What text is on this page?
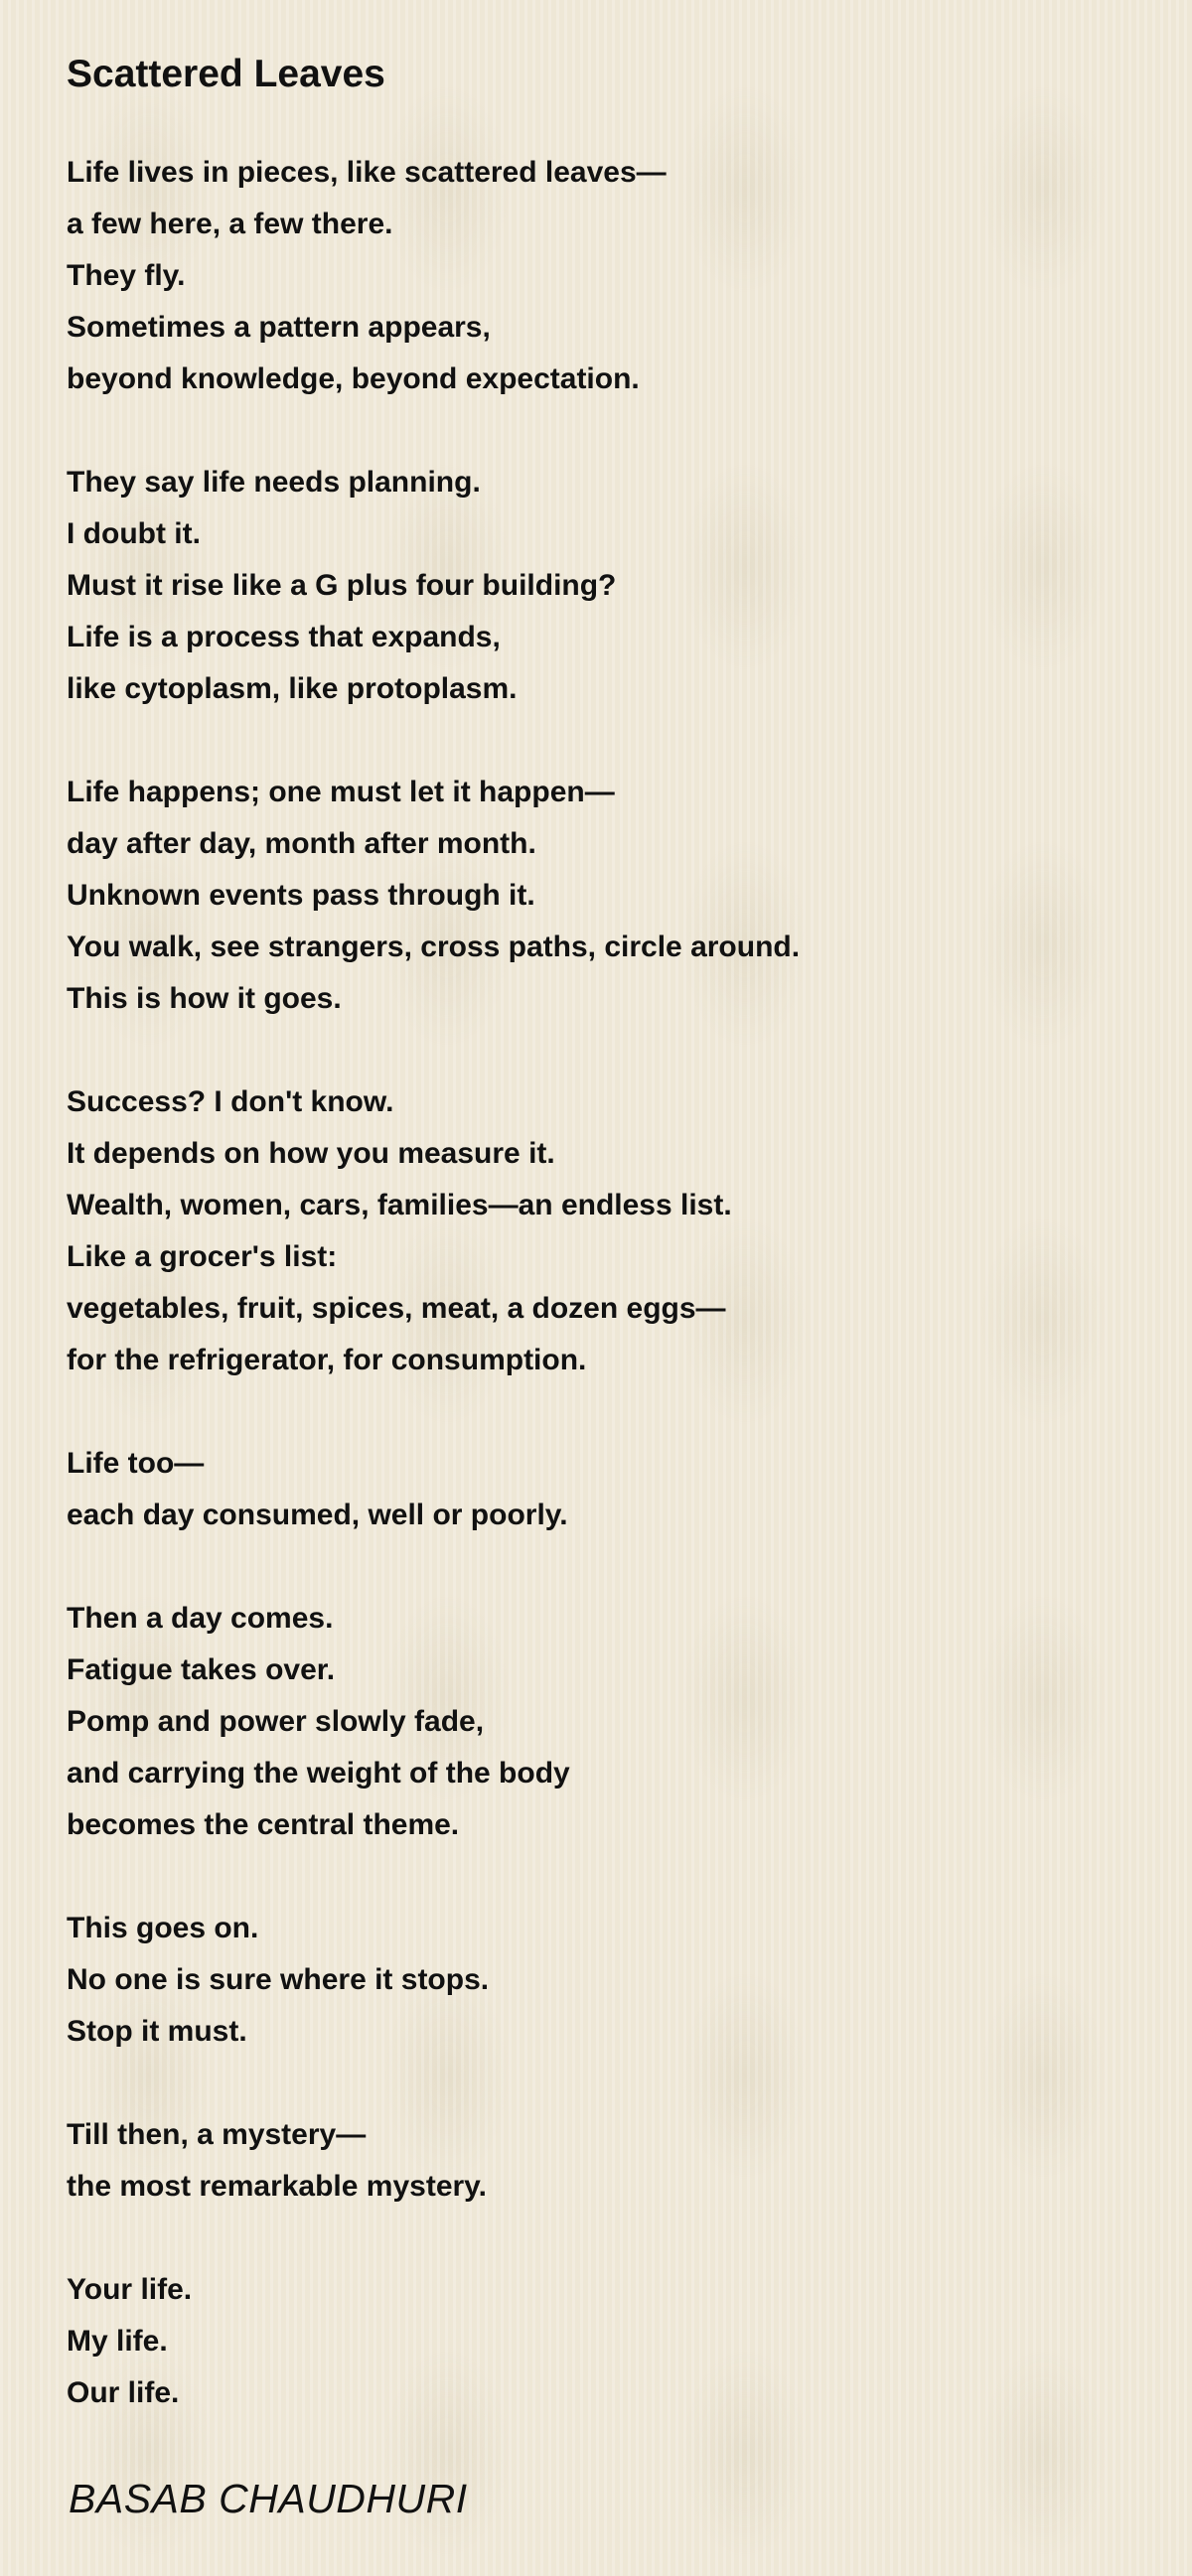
Scattered Leaves
Life lives in pieces, like scattered leaves—
a few here, a few there.
They fly.
Sometimes a pattern appears,
beyond knowledge, beyond expectation.
They say life needs planning.
I doubt it.
Must it rise like a G plus four building?
Life is a process that expands,
like cytoplasm, like protoplasm.
Life happens; one must let it happen—
day after day, month after month.
Unknown events pass through it.
You walk, see strangers, cross paths, circle around.
This is how it goes.
Success? I don't know.
It depends on how you measure it.
Wealth, women, cars, families—an endless list.
Like a grocer's list:
vegetables, fruit, spices, meat, a dozen eggs—
for the refrigerator, for consumption.
Life too—
each day consumed, well or poorly.
Then a day comes.
Fatigue takes over.
Pomp and power slowly fade,
and carrying the weight of the body
becomes the central theme.
This goes on.
No one is sure where it stops.
Stop it must.
Till then, a mystery—
the most remarkable mystery.
Your life.
My life.
Our life.
BASAB CHAUDHURI
